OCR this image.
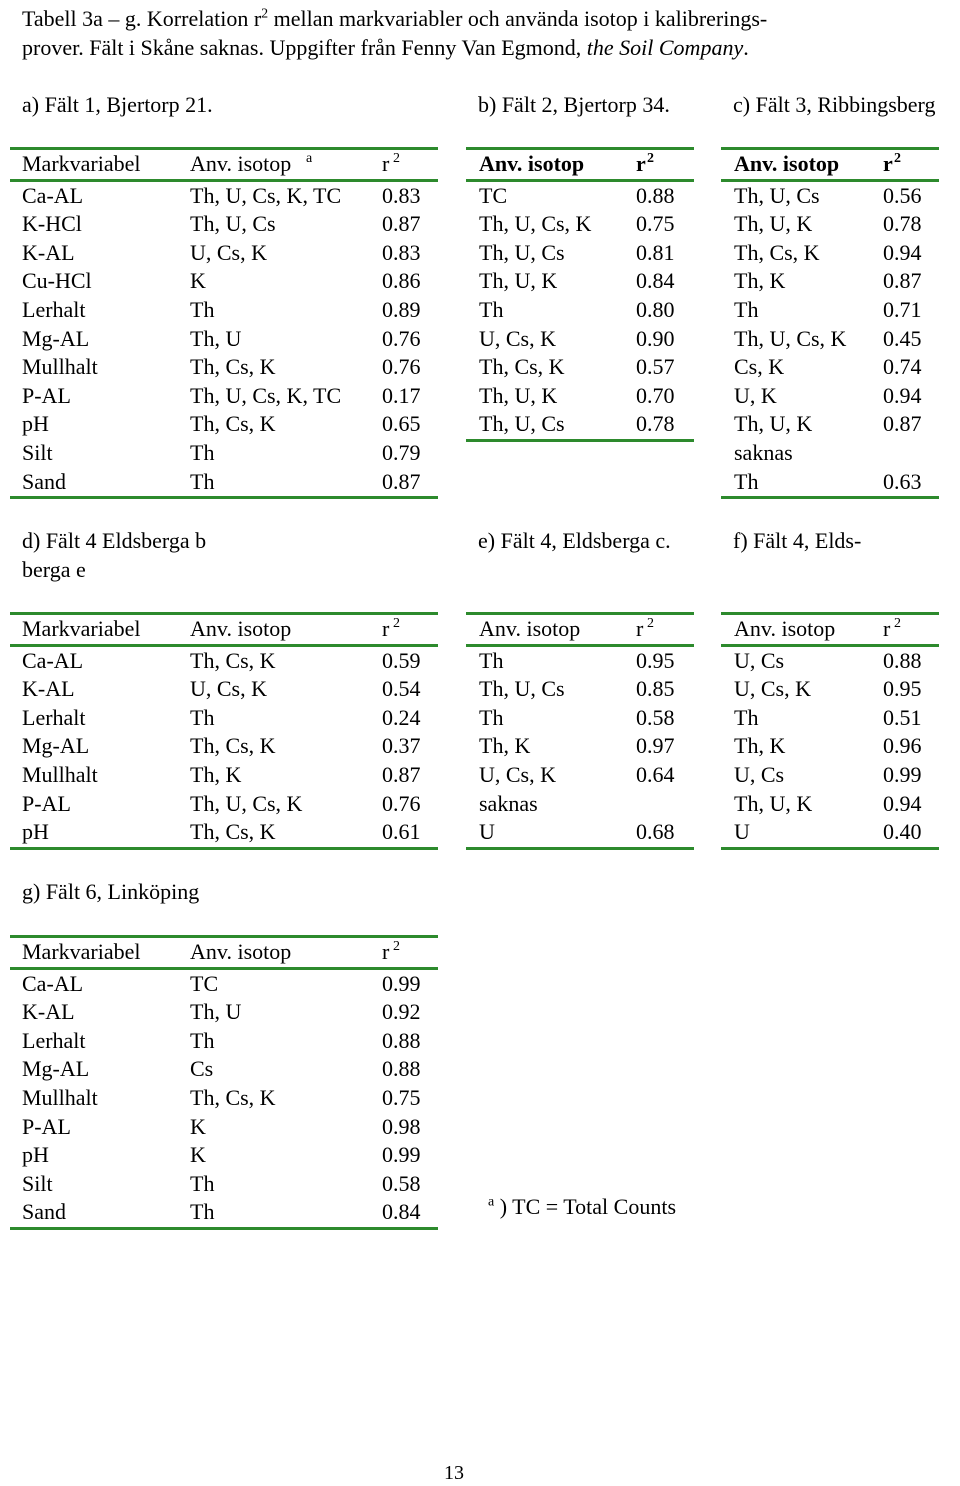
Tabell 3a – g. Korrelation $r^2$ mellan markvariabler och använda isotop i kalibrerings-
prover. Fält i Skåne saknas. Uppgifter från Fenny Van Egmond, the Soil Company.
a) Fält 1, Bjertorp 21.	b) Fält 2, Bjertorp 34.	c) Fält 3, Ribbingsberg
d) Fält 4 Eldsberga b
berga e
e) Fält 4, Eldsberga c.	f) Fält 4, Elds-
g) Fält 6, Linköping
Markvariabel Anv. isotop a	r 2
Ca-AL	Th, U, Cs, K, TC 0.83
K-HCl	Th, U, Cs	0.87
K-AL	U, Cs, K	0.83
Cu-HCl	K	0.86
Lerhalt	Th	0.89
Mg-AL	Th, U	0.76
Mullhalt	Th, Cs, K	0.76
P-AL	Th, U, Cs, K, TC 0.17
pH	Th, Cs, K	0.65
Silt	Th	0.79
Sand	Th	0.87
Anv. isotop r 2
TC	0.88
Th, U, Cs, K 0.75
Th, U, Cs	0.81
Th, U, K	0.84
Th	0.80
U, Cs, K	0.90
Th, Cs, K	0.57
Th, U, K	0.70
Th, U, Cs	0.78
Anv. isotop r 2
Th, U, Cs	0.56
Th, U, K	0.78
Th, Cs, K	0.94
Th, K	0.87
Th	0.71
Th, U, Cs, K 0.45
Cs, K	0.74
U, K	0.94
Th, U, K	0.87
saknas
Th	0.63
Markvariabel Anv. isotop	r 2
Ca-AL	Th, Cs, K	0.59
K-AL	U, Cs, K	0.54
Lerhalt	Th	0.24
Mg-AL	Th, Cs, K	0.37
Mullhalt	Th, K	0.87
P-AL	Th, U, Cs, K	0.76
pH	Th, Cs, K	0.61
Anv. isotop	r 2
Th	0.95
Th, U, Cs	0.85
Th	0.58
Th, K	0.97
U, Cs, K	0.64
saknas
U	0.68
Anv. isotop r 2
U, Cs	0.88
U, Cs, K	0.95
Th	0.51
Th, K	0.96
U, Cs	0.99
Th, U, K	0.94
U	0.40
Markvariabel Anv. isotop	r 2
Ca-AL	TC	0.99
K-AL	Th, U	0.92
Lerhalt	Th	0.88
Mg-AL	Cs	0.88
Mullhalt	Th, Cs, K	0.75
P-AL	K	0.98
pH	K	0.99
Silt	Th	0.58
Sand	Th	0.84	$^a$ ) TC = Total Counts
13
